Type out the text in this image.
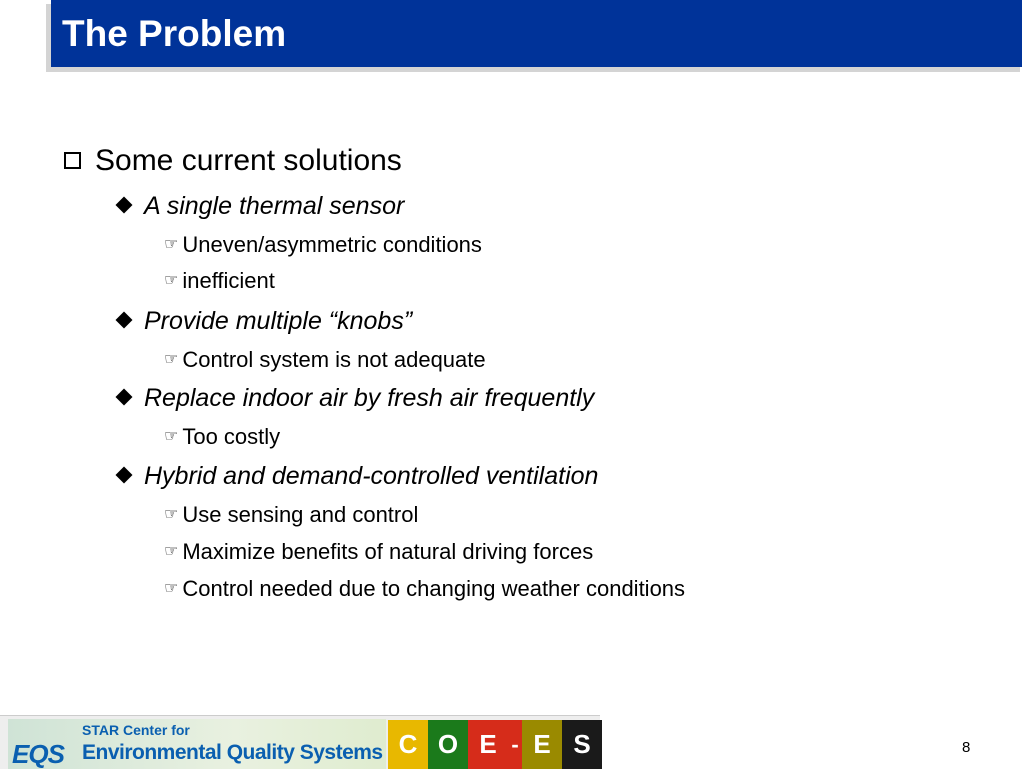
The Problem
Some current solutions
A single thermal sensor
☞ Uneven/asymmetric conditions
☞ inefficient
Provide multiple “knobs”
☞ Control system is not adequate
Replace indoor air by fresh air frequently
☞ Too costly
Hybrid and demand-controlled ventilation
☞ Use sensing and control
☞ Maximize benefits of natural driving forces
☞ Control needed due to changing weather conditions
EQS
STAR Center for
Environmental Quality Systems C O E - E S	8
